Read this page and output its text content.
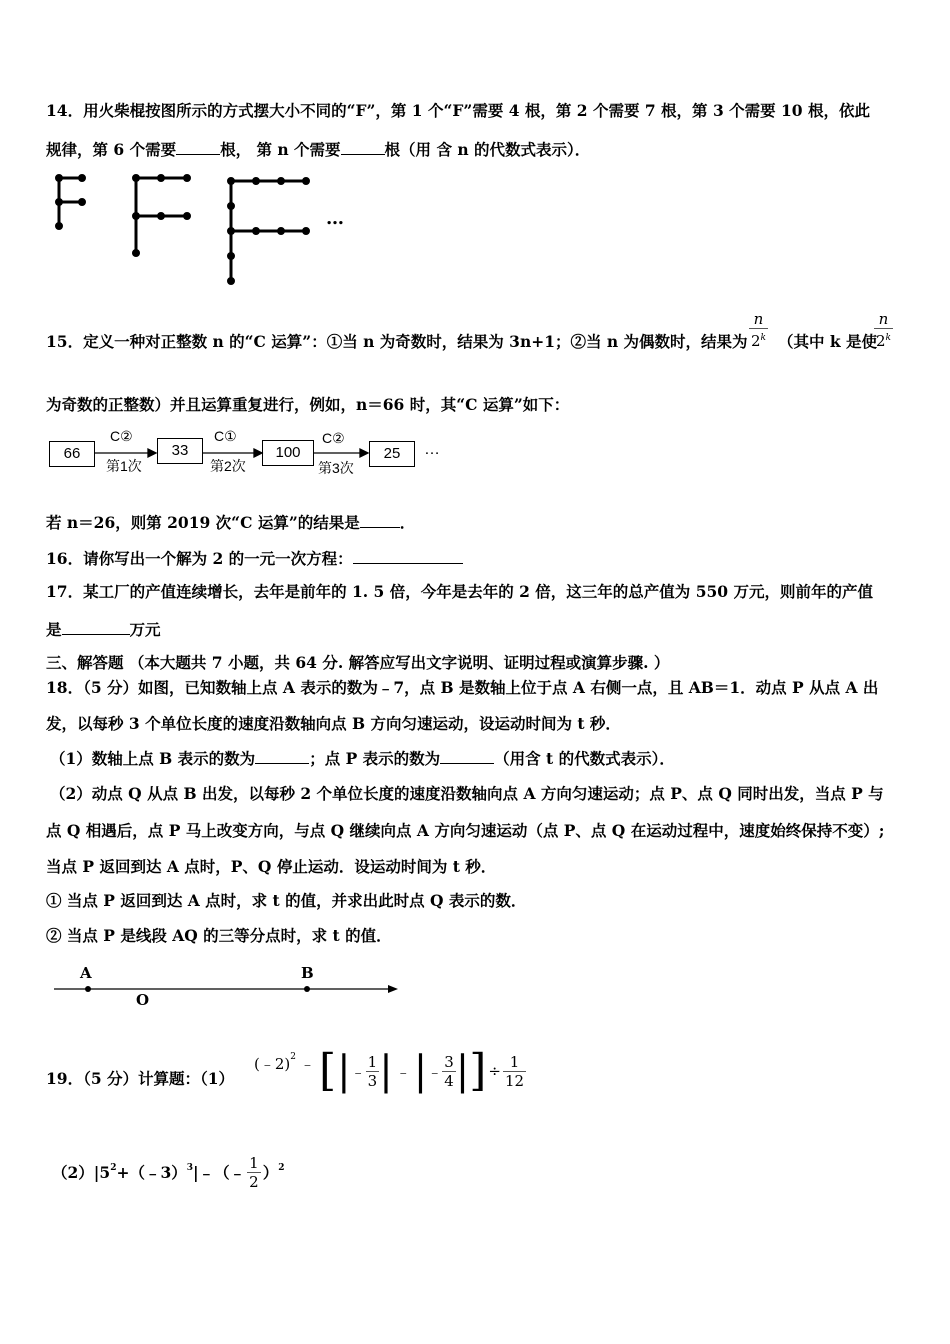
14．用火柴棍按图所示的方式摆大小不同的“F”，第 1 个“F”需要 4 根，第 2 个需要 7 根，第 3 个需要 10 根，依此
规律，第 6 个需要	根， 第 n 个需要	根（用 含 n 的代数式表示）．
…
15．定义一种对正整数 n 的“C 运算”：①当 n 为奇数时，结果为 3n+1；②当 n 为偶数时，结果为
n
2$^k$ （其中 k 是使
n
2$^k$
为奇数的正整数）并且运算重复进行，例如，n＝66 时，其“C 运算”如下：
66	33	100	25
C②
第1次
C①
第2次
C②
第3次
…
若 n＝26，则第 2019 次“C 运算”的结果是	．
16．请你写出一个解为 2 的一元一次方程：
17．某工厂的产值连续增长，去年是前年的 1. 5 倍，今年是去年的 2 倍，这三年的总产值为 550 万元，则前年的产值
是	万元
三、解答题 （本大题共 7 小题，共 64 分. 解答应写出文字说明、证明过程或演算步骤. ）
18．（5 分）如图，已知数轴上点 A 表示的数为﹣7，点 B 是数轴上位于点 A 右侧一点，且 AB＝1．动点 P 从点 A 出
发，以每秒 3 个单位长度的速度沿数轴向点 B 方向匀速运动，设运动时间为 t 秒．
（1）数轴上点 B 表示的数为	；点 P 表示的数为	（用含 t 的代数式表示）．
（2）动点 Q 从点 B 出发，以每秒 2 个单位长度的速度沿数轴向点 A 方向匀速运动；点 P、点 Q 同时出发，当点 P 与
点 Q 相遇后，点 P 马上改变方向，与点 Q 继续向点 A 方向匀速运动（点 P、点 Q 在运动过程中，速度始终保持不变）;
当点 P 返回到达 A 点时，P、Q 停止运动．设运动时间为 t 秒．
① 当点 P 返回到达 A 点时，求 t 的值，并求出此时点 Q 表示的数．
② 当点 P 是线段 AQ 的三等分点时，求 t 的值．
A	B
O
19．（5 分）计算题：（1）
(﹣2)$^2$ ﹣ [ | ﹣ $\frac{1}{3}$ | ﹣ | ﹣ $\frac{3}{4}$ | ] ÷ $\frac{1}{12}$
$(2)|5^2$ +（﹣3）$^3$ |﹣（﹣ $\frac{1}{2} )^2$
